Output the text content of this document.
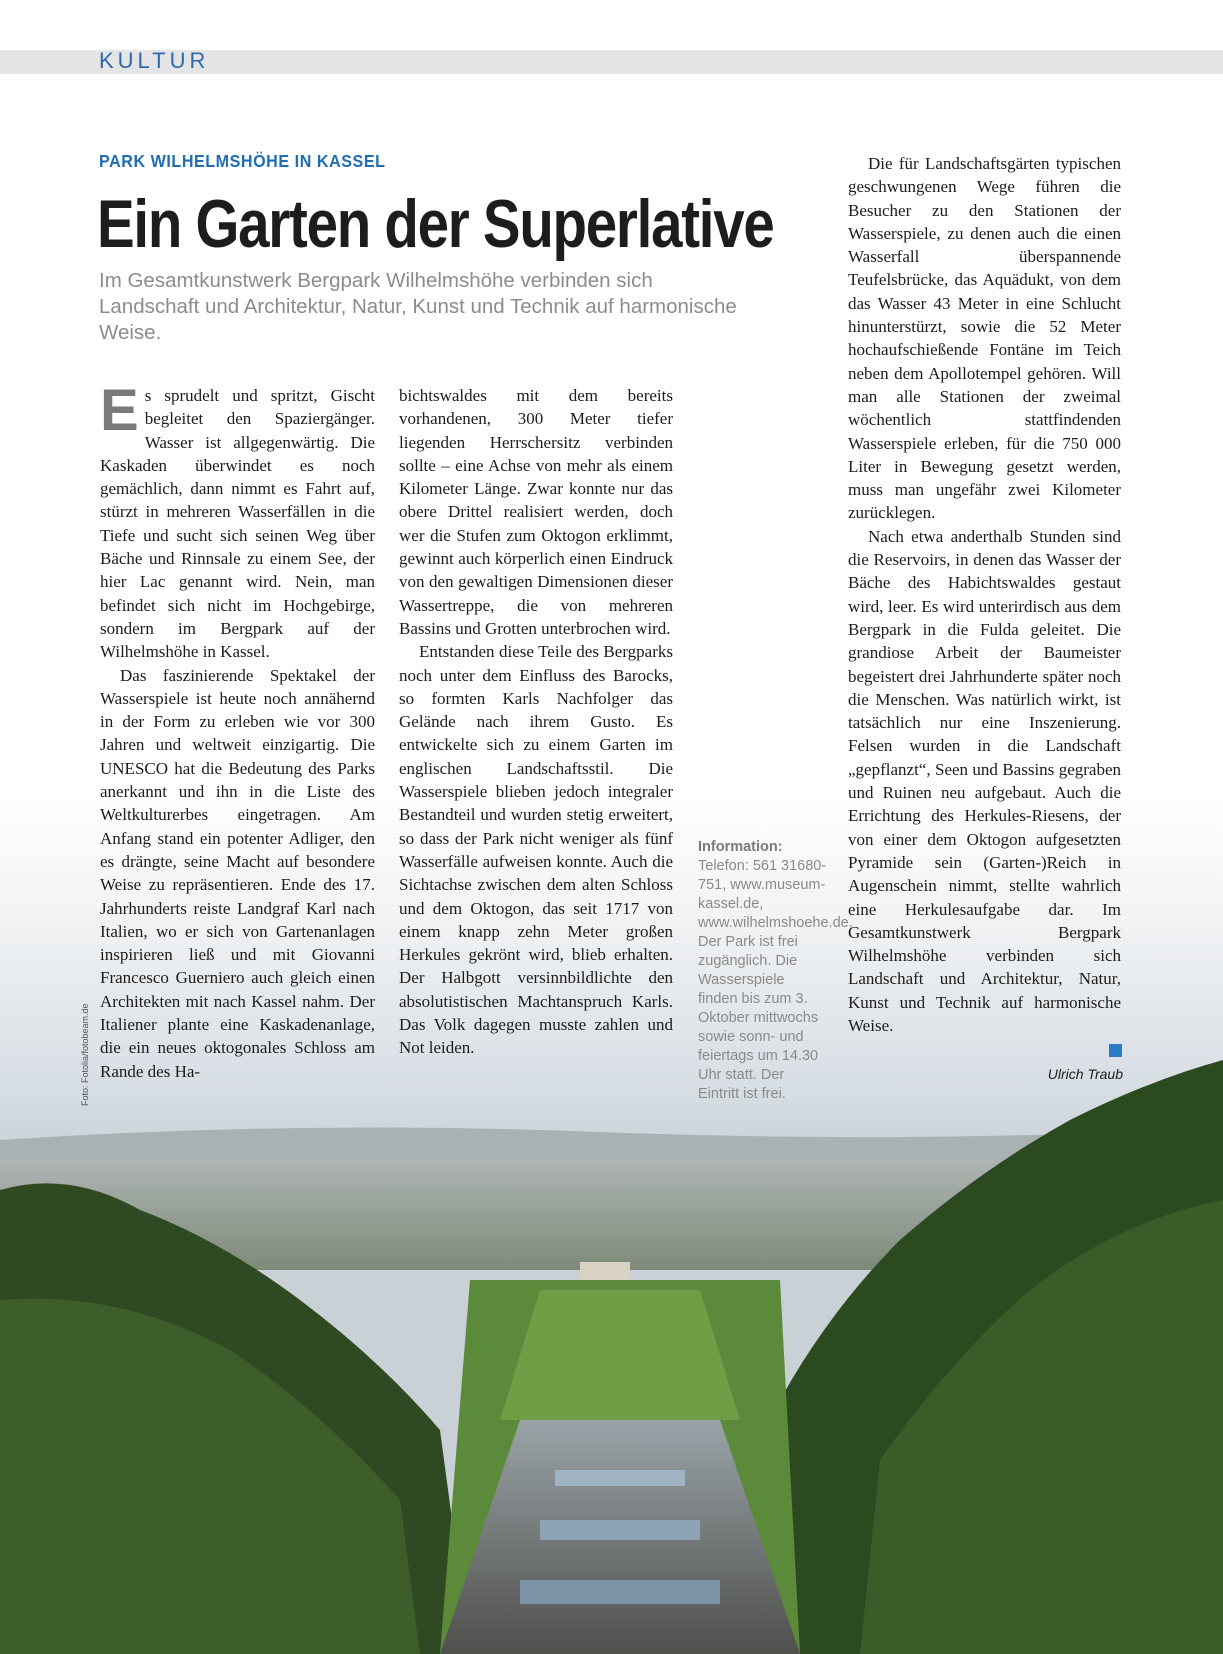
KULTUR
PARK WILHELMSHÖHE IN KASSEL
Ein Garten der Superlative
Im Gesamtkunstwerk Bergpark Wilhelmshöhe verbinden sich Landschaft und Architektur, Natur, Kunst und Technik auf harmonische Weise.

Es sprudelt und spritzt, Gischt begleitet den Spaziergänger. Wasser ist allgegenwärtig. Die Kaskaden überwindet es noch gemächlich, dann nimmt es Fahrt auf, stürzt in mehreren Wasserfällen in die Tiefe und sucht sich seinen Weg über Bäche und Rinnsale zu einem See, der hier Lac genannt wird. Nein, man befindet sich nicht im Hochgebirge, sondern im Bergpark auf der Wilhelmshöhe in Kassel.

Das faszinierende Spektakel der Wasserspiele ist heute noch annähernd in der Form zu erleben wie vor 300 Jahren und weltweit einzigartig. Die UNESCO hat die Bedeutung des Parks anerkannt und ihn in die Liste des Weltkulturerbes eingetragen. Am Anfang stand ein potenter Adliger, den es drängte, seine Macht auf besondere Weise zu repräsentieren. Ende des 17. Jahrhunderts reiste Landgraf Karl nach Italien, wo er sich von Gartenanlagen inspirieren ließ und mit Giovanni Francesco Guerniero auch gleich einen Architekten mit nach Kassel nahm. Der Italiener plante eine Kaskadenanlage, die ein neues oktogonales Schloss am Rande des Ha-

bichtswaldes mit dem bereits vorhandenen, 300 Meter tiefer liegenden Herrschersitz verbinden sollte – eine Achse von mehr als einem Kilometer Länge. Zwar konnte nur das obere Drittel realisiert werden, doch wer die Stufen zum Oktogon erklimmt, gewinnt auch körperlich einen Eindruck von den gewaltigen Dimensionen dieser Wassertreppe, die von mehreren Bassins und Grotten unterbrochen wird.

Entstanden diese Teile des Bergparks noch unter dem Einfluss des Barocks, so formten Karls Nachfolger das Gelände nach ihrem Gusto. Es entwickelte sich zu einem Garten im englischen Landschaftsstil. Die Wasserspiele blieben jedoch integraler Bestandteil und wurden stetig erweitert, so dass der Park nicht weniger als fünf Wasserfälle aufweisen konnte. Auch die Sichtachse zwischen dem alten Schloss und dem Oktogon, das seit 1717 von einem knapp zehn Meter großen Herkules gekrönt wird, blieb erhalten. Der Halbgott versinnbildlichte den absolutistischen Machtanspruch Karls. Das Volk dagegen musste zahlen und Not leiden.

Die für Landschaftsgärten typischen geschwungenen Wege führen die Besucher zu den Stationen der Wasserspiele, zu denen auch die einen Wasserfall überspannende Teufelsbrücke, das Aquädukt, von dem das Wasser 43 Meter in eine Schlucht hinunterstürzt, sowie die 52 Meter hochaufschießende Fontäne im Teich neben dem Apollotempel gehören. Will man alle Stationen der zweimal wöchentlich stattfindenden Wasserspiele erleben, für die 750 000 Liter in Bewegung gesetzt werden, muss man ungefähr zwei Kilometer zurücklegen.

Nach etwa anderthalb Stunden sind die Reservoirs, in denen das Wasser der Bäche des Habichtswaldes gestaut wird, leer. Es wird unterirdisch aus dem Bergpark in die Fulda geleitet. Die grandiose Arbeit der Baumeister begeistert drei Jahrhunderte später noch die Menschen. Was natürlich wirkt, ist tatsächlich nur eine Inszenierung. Felsen wurden in die Landschaft „gepflanzt“, Seen und Bassins gegraben und Ruinen neu aufgebaut. Auch die Errichtung des Herkules-Riesens, der von einer dem Oktogon aufgesetzten Pyramide sein (Garten-)Reich in Augenschein nimmt, stellte wahrlich eine Herkulesaufgabe dar. Im Gesamtkunstwerk Bergpark Wilhelmshöhe verbinden sich Landschaft und Architektur, Natur, Kunst und Technik auf harmonische Weise.

Information:
Telefon: 561 31680-751, www.museum-kassel.de, www.wilhelmshoehe.de. Der Park ist frei zugänglich. Die Wasserspiele finden bis zum 3. Oktober mittwochs sowie sonn- und feiertags um 14.30 Uhr statt. Der Eintritt ist frei.
Ulrich Traub
Foto: Fotolia/fotobeam.de
